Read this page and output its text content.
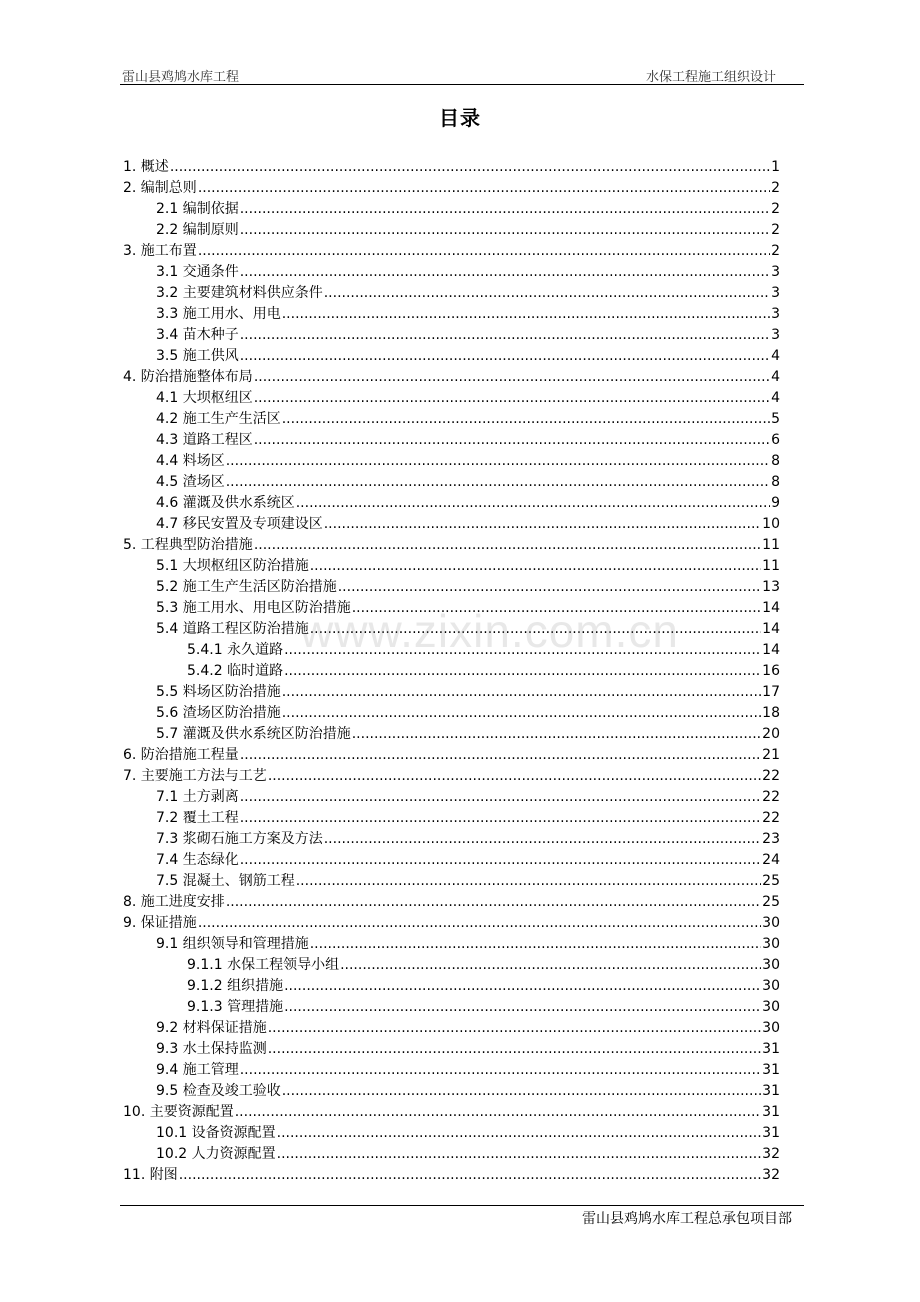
雷山县鸡鸠水库工程	水保工程施工组织设计
目录
1. 概述 .....	1
2. 编制总则 .....	2
2.1 编制依据 .....	2
2.2 编制原则 .....	2
3. 施工布置 .....	2
3.1 交通条件 .....	3
3.2 主要建筑材料供应条件 .....	3
3.3 施工用水、用电 .....	3
3.4 苗木种子 .....	3
3.5 施工供风 .....	4
4. 防治措施整体布局 .....	4
4.1 大坝枢纽区 .....	4
4.2 施工生产生活区 .....	5
4.3 道路工程区 .....	6
4.4 料场区 .....	8
4.5 渣场区 .....	8
4.6 灌溉及供水系统区 .....	9
4.7 移民安置及专项建设区 .....	10
5. 工程典型防治措施 .....	11
5.1 大坝枢纽区防治措施 .....	11
5.2 施工生产生活区防治措施 .....	13
5.3 施工用水、用电区防治措施 .....	14
5.4 道路工程区防治措施 .....	14
5.4.1 永久道路 .....	14
5.4.2 临时道路 .....	16
5.5 料场区防治措施 .....	17
5.6 渣场区防治措施 .....	18
5.7 灌溉及供水系统区防治措施 .....	20
6. 防治措施工程量 .....	21
7. 主要施工方法与工艺 .....	22
7.1 土方剥离 .....	22
7.2 覆土工程 .....	22
7.3 浆砌石施工方案及方法 .....	23
7.4 生态绿化 .....	24
7.5 混凝土、钢筋工程 .....	25
8. 施工进度安排 .....	25
9. 保证措施 .....	30
9.1 组织领导和管理措施 .....	30
9.1.1 水保工程领导小组 .....	30
9.1.2 组织措施 .....	30
9.1.3 管理措施 .....	30
9.2 材料保证措施 .....	30
9.3 水土保持监测 .....	31
9.4 施工管理 .....	31
9.5 检查及竣工验收 .....	31
10. 主要资源配置 .....	31
10.1 设备资源配置 .....	31
10.2 人力资源配置 .....	32
11. 附图 .....	32
www.zixin.com.cn
雷山县鸡鸠水库工程总承包项目部
